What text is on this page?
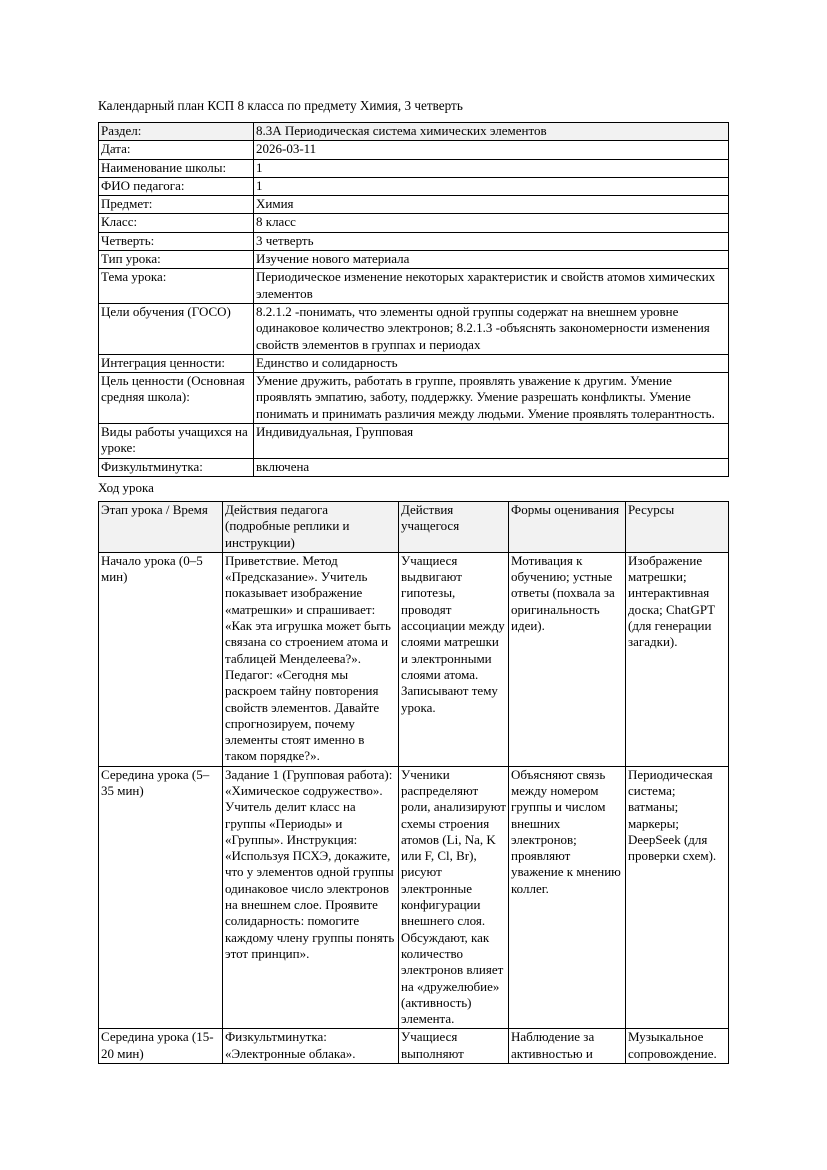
Календарный план КСП 8 класса по предмету Химия, 3 четверть

Раздел:	8.3А Периодическая система химических элементов
Дата:	2026-03-11
Наименование школы:	1
ФИО педагога:	1
Предмет:	Химия
Класс:	8 класс
Четверть:	3 четверть
Тип урока:	Изучение нового материала
Тема урока:	Периодическое изменение некоторых характеристик и свойств атомов химических элементов
Цели обучения (ГОСО)	8.2.1.2 -понимать, что элементы одной группы содержат на внешнем уровне одинаковое количество электронов; 8.2.1.3 -объяснять закономерности изменения свойств элементов в группах и периодах
Интеграция ценности:	Единство и солидарность
Цель ценности (Основная средняя школа):	Умение дружить, работать в группе, проявлять уважение к другим. Умение проявлять эмпатию, заботу, поддержку. Умение разрешать конфликты. Умение понимать и принимать различия между людьми. Умение проявлять толерантность.
Виды работы учащихся на уроке:	Индивидуальная, Групповая
Физкультминутка:	включена

Ход урока

Этап урока / Время	Действия педагога (подробные реплики и инструкции)	Действия учащегося	Формы оценивания	Ресурсы
Начало урока (0–5 мин)	Приветствие. Метод «Предсказание». Учитель показывает изображение «матрешки» и спрашивает: «Как эта игрушка может быть связана со строением атома и таблицей Менделеева?». Педагог: «Сегодня мы раскроем тайну повторения свойств элементов. Давайте спрогнозируем, почему элементы стоят именно в таком порядке?».	Учащиеся выдвигают гипотезы, проводят ассоциации между слоями матрешки и электронными слоями атома. Записывают тему урока.	Мотивация к обучению; устные ответы (похвала за оригинальность идеи).	Изображение матрешки; интерактивная доска; ChatGPT (для генерации загадки).
Середина урока (5–35 мин)	Задание 1 (Групповая работа): «Химическое содружество». Учитель делит класс на группы «Периоды» и «Группы». Инструкция: «Используя ПСХЭ, докажите, что у элементов одной группы одинаковое число электронов на внешнем слое. Проявите солидарность: помогите каждому члену группы понять этот принцип».	Ученики распределяют роли, анализируют схемы строения атомов (Li, Na, K или F, Cl, Br), рисуют электронные конфигурации внешнего слоя. Обсуждают, как количество электронов влияет на «дружелюбие» (активность) элемента.	Объясняют связь между номером группы и числом внешних электронов; проявляют уважение к мнению коллег.	Периодическая система; ватманы; маркеры; DeepSeek (для проверки схем).
Середина урока (15-20 мин)	Физкультминутка: «Электронные облака».	Учащиеся выполняют	Наблюдение за активностью и	Музыкальное сопровождение.
